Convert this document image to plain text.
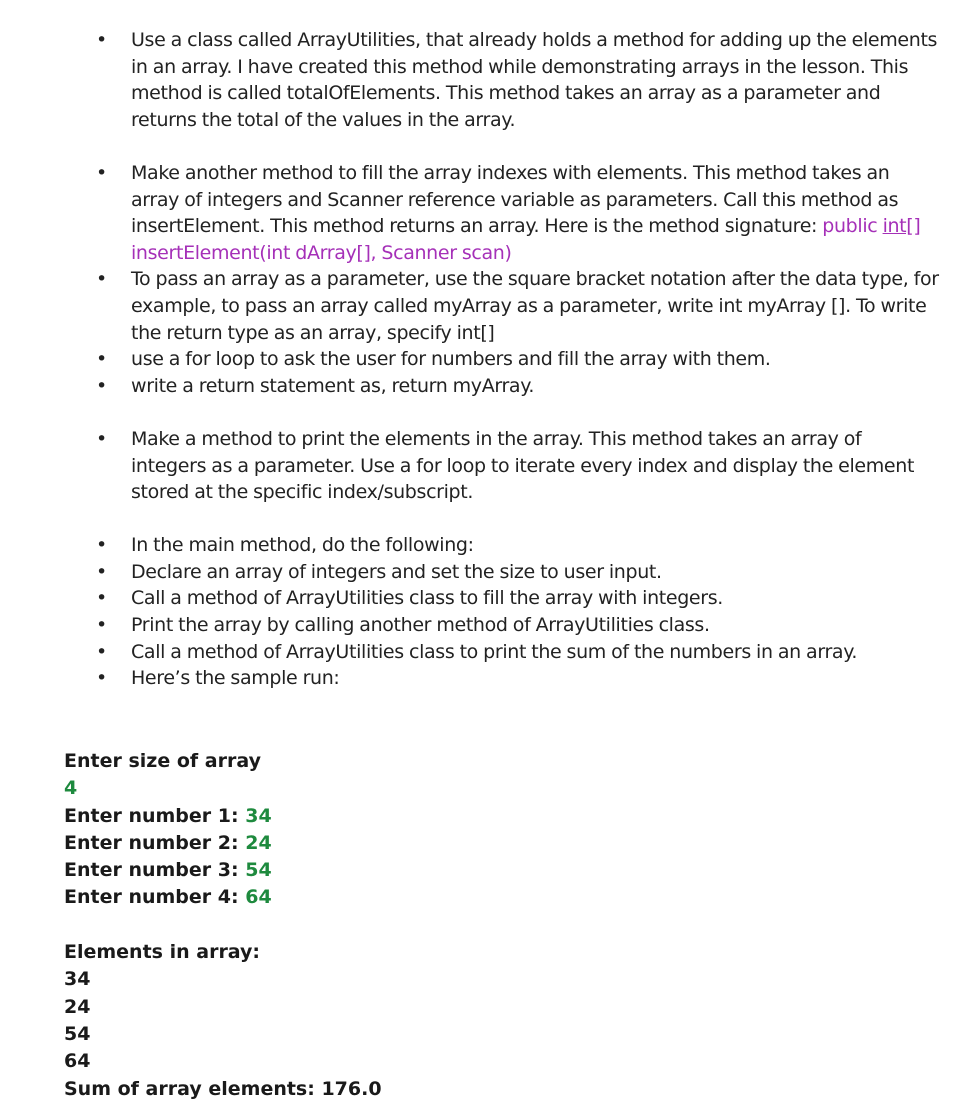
• Use a class called ArrayUtilities, that already holds a method for adding up the elements in an array. I have created this method while demonstrating arrays in the lesson. This method is called totalOfElements. This method takes an array as a parameter and returns the total of the values in the array.
• Make another method to fill the array indexes with elements. This method takes an array of integers and Scanner reference variable as parameters. Call this method as insertElement. This method returns an array. Here is the method signature: public int[] insertElement(int dArray[], Scanner scan)
• To pass an array as a parameter, use the square bracket notation after the data type, for example, to pass an array called myArray as a parameter, write int myArray []. To write the return type as an array, specify int[]
• use a for loop to ask the user for numbers and fill the array with them.
• write a return statement as, return myArray.
• Make a method to print the elements in the array. This method takes an array of integers as a parameter. Use a for loop to iterate every index and display the element stored at the specific index/subscript.
• In the main method, do the following:
• Declare an array of integers and set the size to user input.
• Call a method of ArrayUtilities class to fill the array with integers.
• Print the array by calling another method of ArrayUtilities class.
• Call a method of ArrayUtilities class to print the sum of the numbers in an array.
• Here’s the sample run:
Enter size of array
4
Enter number 1: 34
Enter number 2: 24
Enter number 3: 54
Enter number 4: 64
Elements in array:
34
24
54
64
Sum of array elements: 176.0
